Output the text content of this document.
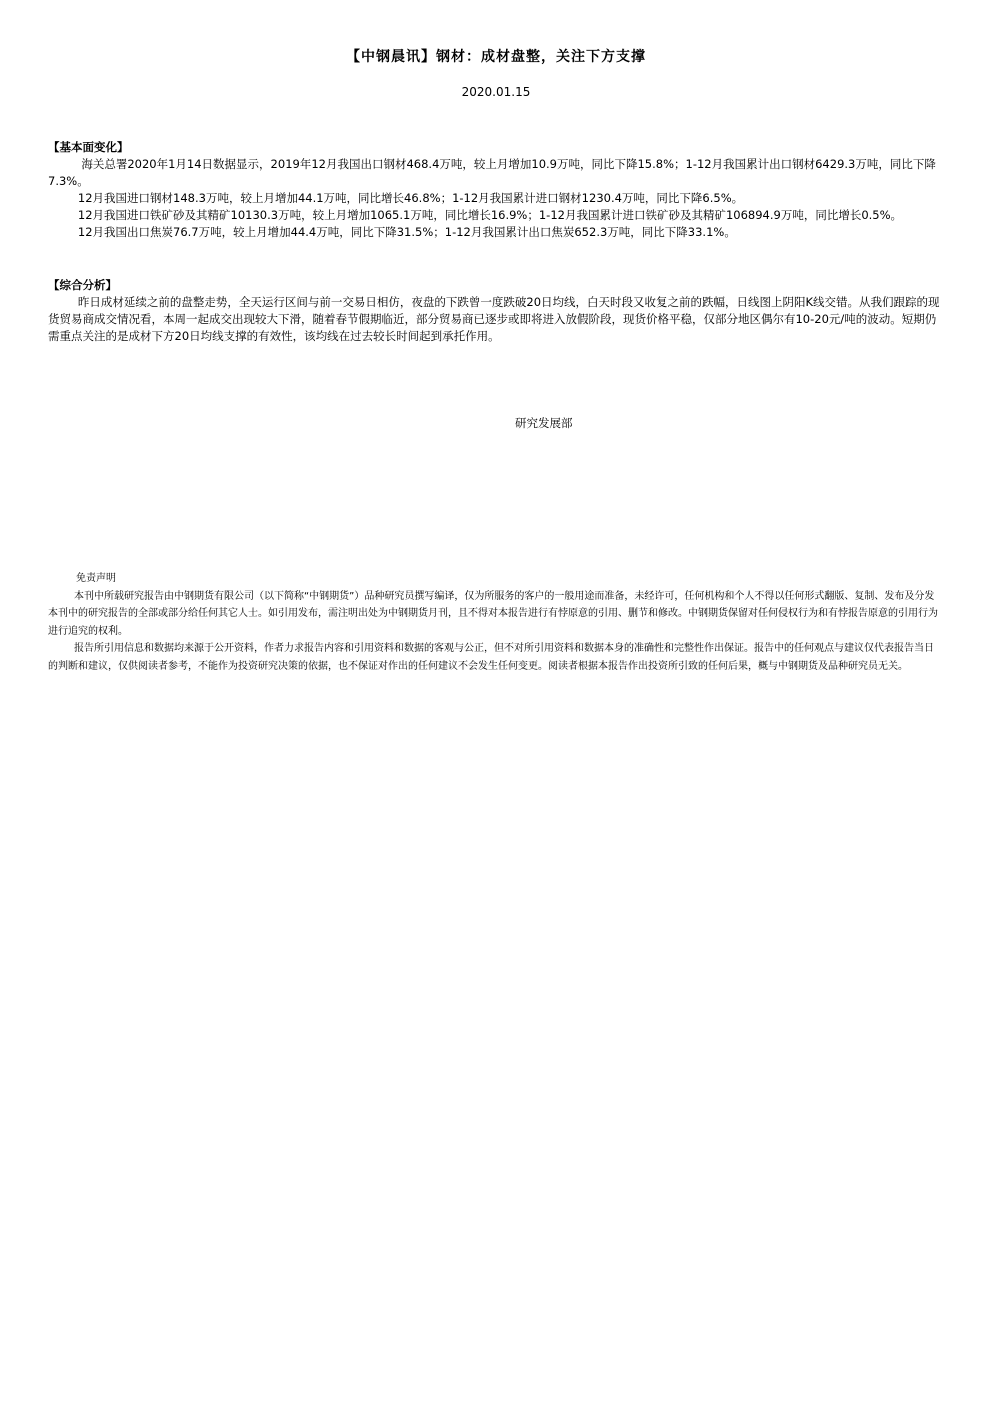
【中钢晨讯】钢材：成材盘整，关注下方支撑
2020.01.15
【基本面变化】

海关总署2020年1月14日数据显示，2019年12月我国出口钢材468.4万吨，较上月增加10.9万吨，同比下降15.8%；1-12月我国累计出口钢材6429.3万吨，同比下降7.3%。

12月我国进口钢材148.3万吨，较上月增加44.1万吨，同比增长46.8%；1-12月我国累计进口钢材1230.4万吨，同比下降6.5%。

12月我国进口铁矿砂及其精矿10130.3万吨，较上月增加1065.1万吨，同比增长16.9%；1-12月我国累计进口铁矿砂及其精矿106894.9万吨，同比增长0.5%。

12月我国出口焦炭76.7万吨，较上月增加44.4万吨，同比下降31.5%；1-12月我国累计出口焦炭652.3万吨，同比下降33.1%。

【综合分析】

昨日成材延续之前的盘整走势，全天运行区间与前一交易日相仿，夜盘的下跌曾一度跌破20日均线，白天时段又收复之前的跌幅，日线图上阴阳K线交错。从我们跟踪的现货贸易商成交情况看，本周一起成交出现较大下滑，随着春节假期临近，部分贸易商已逐步或即将进入放假阶段，现货价格平稳，仅部分地区偶尔有10-20元/吨的波动。短期仍需重点关注的是成材下方20日均线支撑的有效性，该均线在过去较长时间起到承托作用。

研究发展部
免责声明

本刊中所载研究报告由中钢期货有限公司（以下简称“中钢期货”）品种研究员撰写编译，仅为所服务的客户的一般用途而准备，未经许可，任何机构和个人不得以任何形式翻版、复制、发布及分发本刊中的研究报告的全部或部分给任何其它人士。如引用发布，需注明出处为中钢期货月刊，且不得对本报告进行有悖原意的引用、删节和修改。中钢期货保留对任何侵权行为和有悖报告原意的引用行为进行追究的权利。

报告所引用信息和数据均来源于公开资料，作者力求报告内容和引用资料和数据的客观与公正，但不对所引用资料和数据本身的准确性和完整性作出保证。报告中的任何观点与建议仅代表报告当日的判断和建议，仅供阅读者参考，不能作为投资研究决策的依据，也不保证对作出的任何建议不会发生任何变更。阅读者根据本报告作出投资所引致的任何后果，概与中钢期货及品种研究员无关。
